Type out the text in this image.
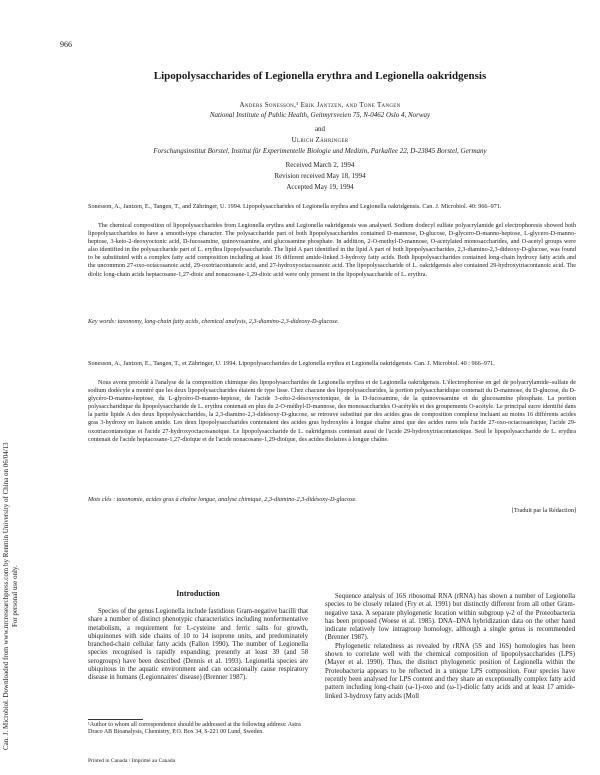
966
Can. J. Microbiol. Downloaded from www.nrcresearchpress.com by Renmin University of China on 06/04/13 For personal use only.
Lipopolysaccharides of Legionella erythra and Legionella oakridgensis
Anders Sonesson,¹ Erik Jantzen, and Tone Tangen
National Institute of Public Health, Geitmyrsveien 75, N-0462 Oslo 4, Norway
and
Ulrich Zähringer
Forschungsinstitut Borstel, Institut für Experimentelle Biologie und Medizin, Parkallee 22, D-23845 Borstel, Germany
Received March 2, 1994
Revision received May 18, 1994
Accepted May 19, 1994
Sonesson, A., Jantzen, E., Tangen, T., and Zähringer, U. 1994. Lipopolysaccharides of Legionella erythra and Legionella oakridgensis. Can. J. Microbiol. 40: 966–971.
The chemical composition of lipopolysaccharides from Legionella erythra and Legionella oakridgensis was analysed. Sodium dodecyl sulfate polyacrylamide gel electrophoresis showed both lipopolysaccharides to have a smooth-type character. The polysaccharide part of both lipopolysaccharides contained D-mannose, D-glucose, D-glycero-D-manno-heptose, L-glycero-D-manno-heptose, 3-keto-2-deoxyoctonic acid, D-fucosamine, quinovosamine, and glucosamine phosphate. In addition, 2-O-methyl-D-mannose, O-acetylated monosaccharides, and O-acetyl groups were also identified in the polysaccharide part of L. erythra lipopolysaccharide. The lipid A part identified in the lipid A part of both lipopolysaccharides, 2,3-diamino-2,3-dideoxy-D-glucose, was found to be substituted with a complex fatty acid composition including at least 16 different amide-linked 3-hydroxy fatty acids. Both lipopolysaccharides contained long-chain hydroxy fatty acids and the uncommon 27-oxo-octacosanoic acid, 29-oxotriacontanoic acid, and 27-hydroxyoctacosanoic acid. The lipopolysaccharide of L. oakridgensis also contained 29-hydroxytriacontanoic acid. The diolic long-chain acids heptacosane-1,27-dioic and nonacosane-1,29-dioic acid were only present in the lipopolysaccharide of L. erythra.
Key words: taxonomy, long-chain fatty acids, chemical analysis, 2,3-diamino-2,3-dideoxy-D-glucose.
Sonesson, A., Jantzen, E., Tangen, T., et Zähringer, U. 1994. Lipopolysaccharides de Legionella erythra et Legionella oakridgensis. Can. J. Microbiol. 40 : 966–971.
Nous avons procédé à l'analyse de la composition chimique des lipopolysaccharides de Legionella erythra et de Legionella oakridgensis. L'électrophorèse en gel de polyacrylamide–sulfate de sodium dodécyle a montré que les deux lipopolysaccharides étaient de type lisse. Chez chacune des lipopolysaccharides, la portion polysaccharidique contenait du D-mannose, du D-glucose, du D-glycéro-D-manno-heptose, du L-glycéro-D-manno-heptose, de l'acide 3-céto-2-désoxyoctonique, de la D-fucosamine, de la quinovosamine et du glucosamine phosphate. La portion polysaccharidique du lipopolysaccharide de L. erythra contenait en plus du 2-O-méthyl-D-mannose, des monosaccharides O-acétylés et des groupements O-acétyle. Le principal sucre identifié dans la partie lipide A des deux lipopolysaccharides, la 2,3-diamino-2,3-didésoxy-D-glucose, se retrouve substitué par des acides gras de composition complexe incluant au moins 16 différents acides gras 3-hydroxy en liaison amide. Les deux lipopolysaccharides contenaient des acides gras hydroxylés à longue chaîne ainsi que des acides rares tels l'acide 27-oxo-octacosanoïque, l'acide 29-oxotriacontanoïque et l'acide 27-hydroxyoctacosanoïque. Le lipopolysaccharide de L. oakridgensis contenait aussi de l'acide 29-hydroxytriacontanoïque. Seul le lipopolysaccharide de L. erythra contenait de l'acide heptacosane-1,27-dioïque et de l'acide nonacosane-1,29-dioïque, des acides diolaires à longue chaîne.
Mots clés : taxonomie, acides gras à chaîne longue, analyse chimique, 2,3-diamino-2,3-didésoxy-D-glucose.
[Traduit par la Rédaction]
Introduction

Species of the genus Legionella include fastidious Gram-negative bacilli that share a number of distinct phenotypic characteristics including nonfermentative metabolism, a requirement for L-cysteine and ferric salts for growth, ubiquinones with side chains of 10 to 14 isoprene units, and predominately branched-chain cellular fatty acids (Fallon 1990). The number of Legionella species recognised is rapidly expanding; presently at least 39 (and 58 serogroups) have been described (Dennis et al. 1993). Legionella species are ubiquitous in the aquatic environment and can occasionally cause respiratory disease in humans (Legionnaires' disease) (Brenner 1987).

¹Author to whom all correspondence should be addressed at the following address: Astra Draco AB Bioanalysis, Chemistry, P.O. Box 34, S-221 00 Lund, Sweden.
Printed in Canada / Imprimé au Canada

Sequence analysis of 16S ribosomal RNA (rRNA) has shown a number of Legionella species to be closely related (Fry et al. 1991) but distinctly different from all other Gram-negative taxa. A separate phylogenetic location within subgroup γ-2 of the Proteobacteria has been proposed (Woese et al. 1985). DNA–DNA hybridization data on the other hand indicate relatively low intragroup homology, although a single genus is recommended (Brenner 1987).

Phylogenetic relatedness as revealed by rRNA (5S and 16S) homologies has been shown to correlate well with the chemical composition of lipopolysaccharides (LPS) (Mayer et al. 1990). Thus, the distinct phylogenetic position of Legionella within the Proteobacteria appears to be reflected in a unique LPS composition. Four species have recently been analysed for LPS content and they share an exceptionally complex fatty acid pattern including long-chain (ω-1)-oxo and (ω-1)-diolic fatty acids and at least 17 amide-linked 3-hydroxy fatty acids (Moll
